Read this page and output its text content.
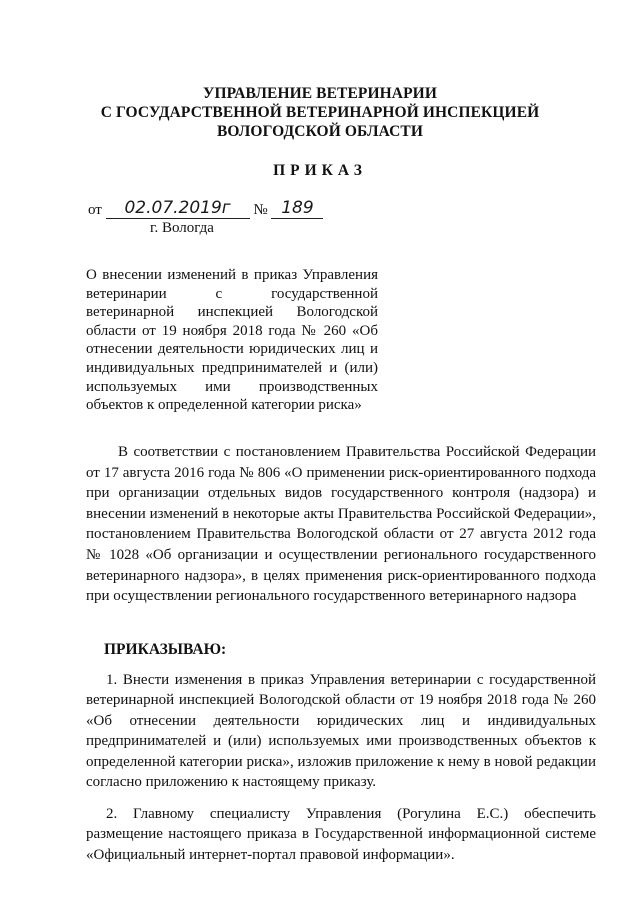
УПРАВЛЕНИЕ ВЕТЕРИНАРИИ
С ГОСУДАРСТВЕННОЙ ВЕТЕРИНАРНОЙ ИНСПЕКЦИЕЙ
ВОЛОГОДСКОЙ ОБЛАСТИ
ПРИКАЗ
от 02.07.2019г № 189
г. Вологда
О внесении изменений в приказ Управления ветеринарии с государственной ветеринарной инспекцией Вологодской области от 19 ноября 2018 года № 260 «Об отнесении деятельности юридических лиц и индивидуальных предпринимателей и (или) используемых ими производственных объектов к определенной категории риска»
В соответствии с постановлением Правительства Российской Федерации от 17 августа 2016 года № 806 «О применении риск-ориентированного подхода при организации отдельных видов государственного контроля (надзора) и внесении изменений в некоторые акты Правительства Российской Федерации», постановлением Правительства Вологодской области от 27 августа 2012 года № 1028 «Об организации и осуществлении регионального государственного ветеринарного надзора», в целях применения риск-ориентированного подхода при осуществлении регионального государственного ветеринарного надзора
ПРИКАЗЫВАЮ:
1. Внести изменения в приказ Управления ветеринарии с государственной ветеринарной инспекцией Вологодской области от 19 ноября 2018 года № 260 «Об отнесении деятельности юридических лиц и индивидуальных предпринимателей и (или) используемых ими производственных объектов к определенной категории риска», изложив приложение к нему в новой редакции согласно приложению к настоящему приказу.
2. Главному специалисту Управления (Рогулина Е.С.) обеспечить размещение настоящего приказа в Государственной информационной системе «Официальный интернет-портал правовой информации».
